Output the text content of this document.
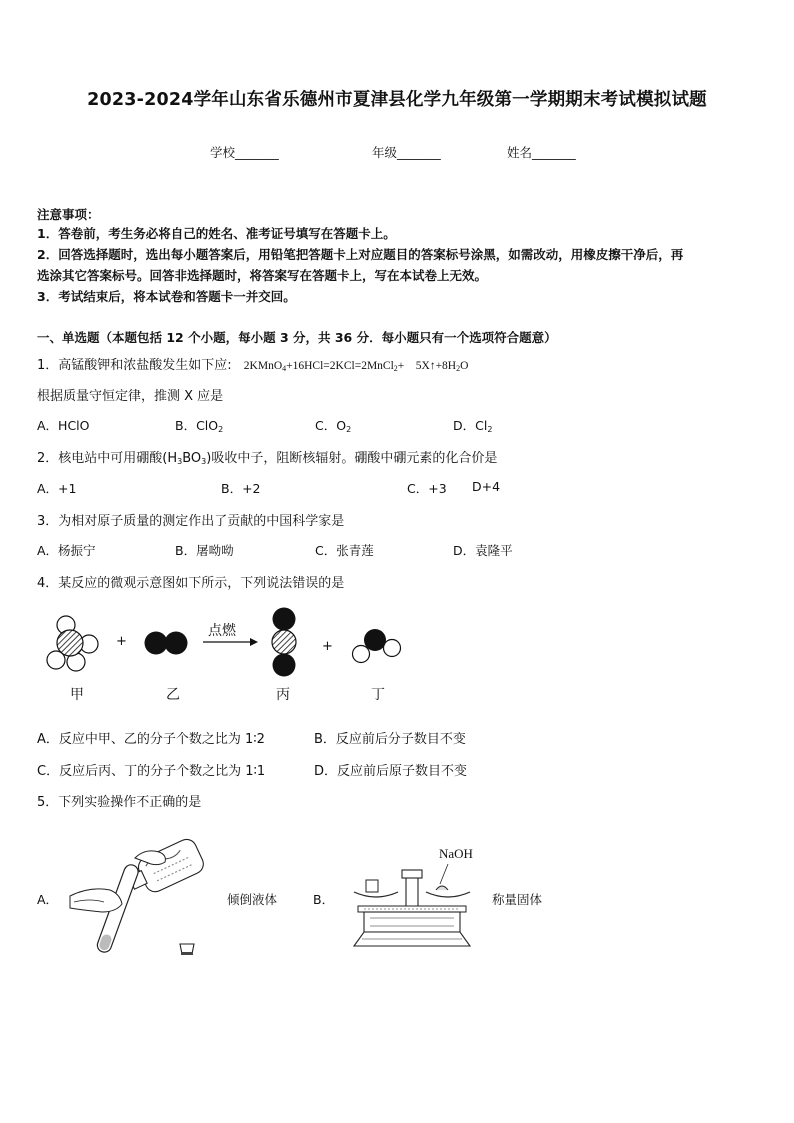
2023-2024学年山东省乐德州市夏津县化学九年级第一学期期末考试模拟试题
学校_______	年级_______	姓名_______
注意事项：
1．答卷前，考生务必将自己的姓名、准考证号填写在答题卡上。
2．回答选择题时，选出每小题答案后，用铅笔把答题卡上对应题目的答案标号涂黑，如需改动，用橡皮擦干净后，再
选涂其它答案标号。回答非选择题时，将答案写在答题卡上，写在本试卷上无效。
3．考试结束后，将本试卷和答题卡一并交回。
一、单选题（本题包括 12 个小题，每小题 3 分，共 36 分．每小题只有一个选项符合题意）
1．高锰酸钾和浓盐酸发生如下应: 2KMnO$_4$+16HCl=2KCl=2MnCl$_2$+　$5X↑+8H_2O$
根据质量守恒定律，推测 X 应是
A．HClO	B．ClO$_2$	C．$O_2$	D．$Cl_2$
2．核电站中可用硼酸$(H_3BO_3)$吸收中子，阻断核辐射。硼酸中硼元素的化合价是
A．+1	B．+2	C．+3 D+4
3．为相对原子质量的测定作出了贡献的中国科学家是
A．杨振宁	B．屠呦呦	C．张青莲	D．袁隆平
4．某反应的微观示意图如下所示，下列说法错误的是
+
点燃
+
甲	乙	丙	丁
A．反应中甲、乙的分子个数之比为 1∶2	B．反应前后分子数目不变
C．反应后丙、丁的分子个数之比为 1∶1	D．反应前后原子数目不变
5．下列实验操作不正确的是
A．	倾倒液体	B．
NaOH
称量固体
